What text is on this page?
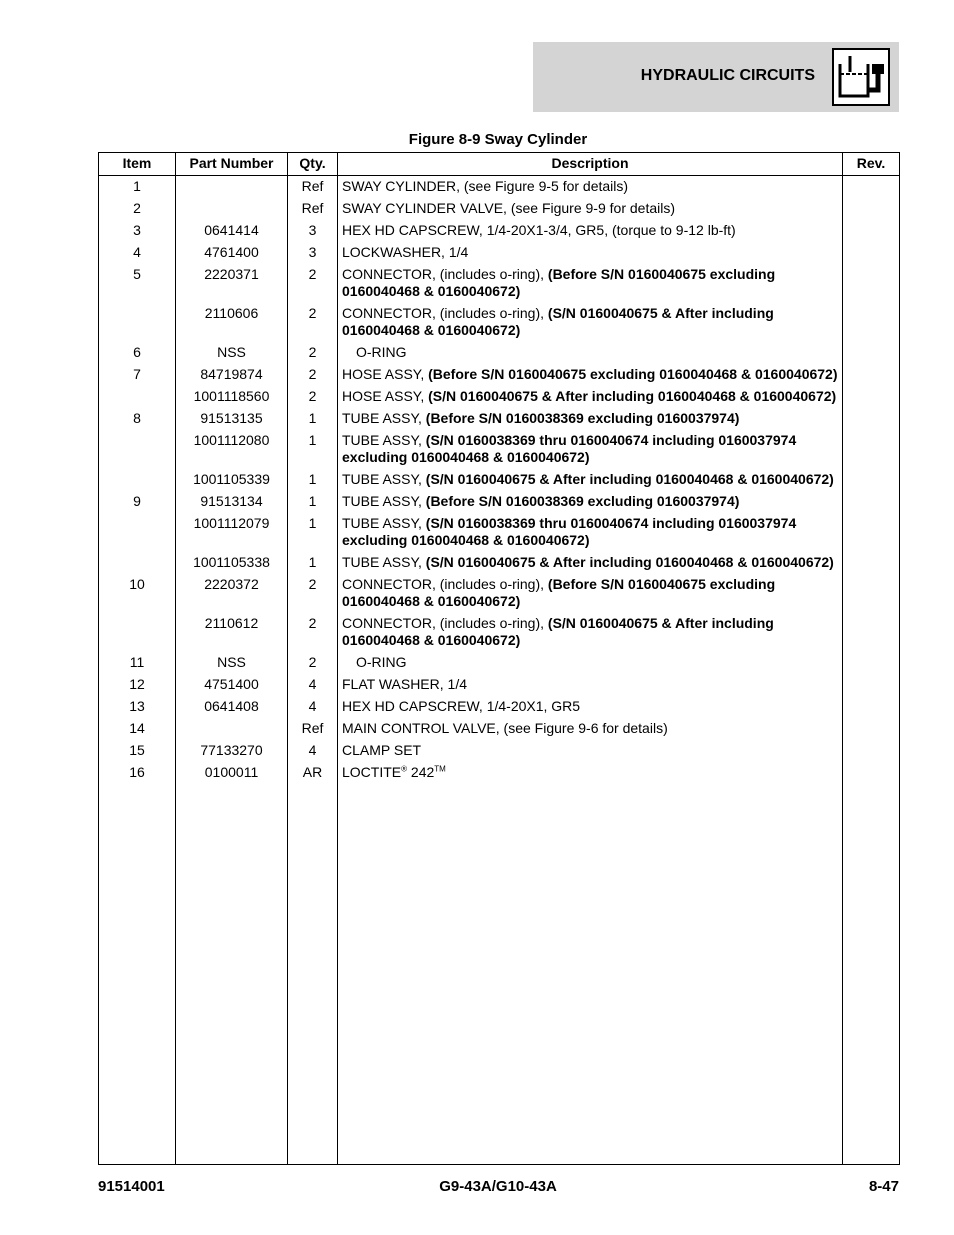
HYDRAULIC CIRCUITS
Figure 8-9 Sway Cylinder
Item	Part Number	Qty.	Description	Rev.
1		Ref	SWAY CYLINDER, (see Figure 9-5 for details)	
2		Ref	SWAY CYLINDER VALVE, (see Figure 9-9 for details)	
3	0641414	3	HEX HD CAPSCREW, 1/4-20X1-3/4, GR5, (torque to 9-12 lb-ft)	
4	4761400	3	LOCKWASHER, 1/4	
5	2220371	2	CONNECTOR, (includes o-ring), (Before S/N 0160040675 excluding 0160040468 & 0160040672)	
	2110606	2	CONNECTOR, (includes o-ring), (S/N 0160040675 & After including 0160040468 & 0160040672)	
6	NSS	2	O-RING	
7	84719874	2	HOSE ASSY, (Before S/N 0160040675 excluding 0160040468 & 0160040672)	
	1001118560	2	HOSE ASSY, (S/N 0160040675 & After including 0160040468 & 0160040672)	
8	91513135	1	TUBE ASSY, (Before S/N 0160038369 excluding 0160037974)	
	1001112080	1	TUBE ASSY, (S/N 0160038369 thru 0160040674 including 0160037974 excluding 0160040468 & 0160040672)	
	1001105339	1	TUBE ASSY, (S/N 0160040675 & After including 0160040468 & 0160040672)	
9	91513134	1	TUBE ASSY, (Before S/N 0160038369 excluding 0160037974)	
	1001112079	1	TUBE ASSY, (S/N 0160038369 thru 0160040674 including 0160037974 excluding 0160040468 & 0160040672)	
	1001105338	1	TUBE ASSY, (S/N 0160040675 & After including 0160040468 & 0160040672)	
10	2220372	2	CONNECTOR, (includes o-ring), (Before S/N 0160040675 excluding 0160040468 & 0160040672)	
	2110612	2	CONNECTOR, (includes o-ring), (S/N 0160040675 & After including 0160040468 & 0160040672)	
11	NSS	2	O-RING	
12	4751400	4	FLAT WASHER, 1/4	
13	0641408	4	HEX HD CAPSCREW, 1/4-20X1, GR5	
14		Ref	MAIN CONTROL VALVE, (see Figure 9-6 for details)	
15	77133270	4	CLAMP SET	
16	0100011	AR	LOCTITE® 242™	

91514001	G9-43A/G10-43A	8-47
